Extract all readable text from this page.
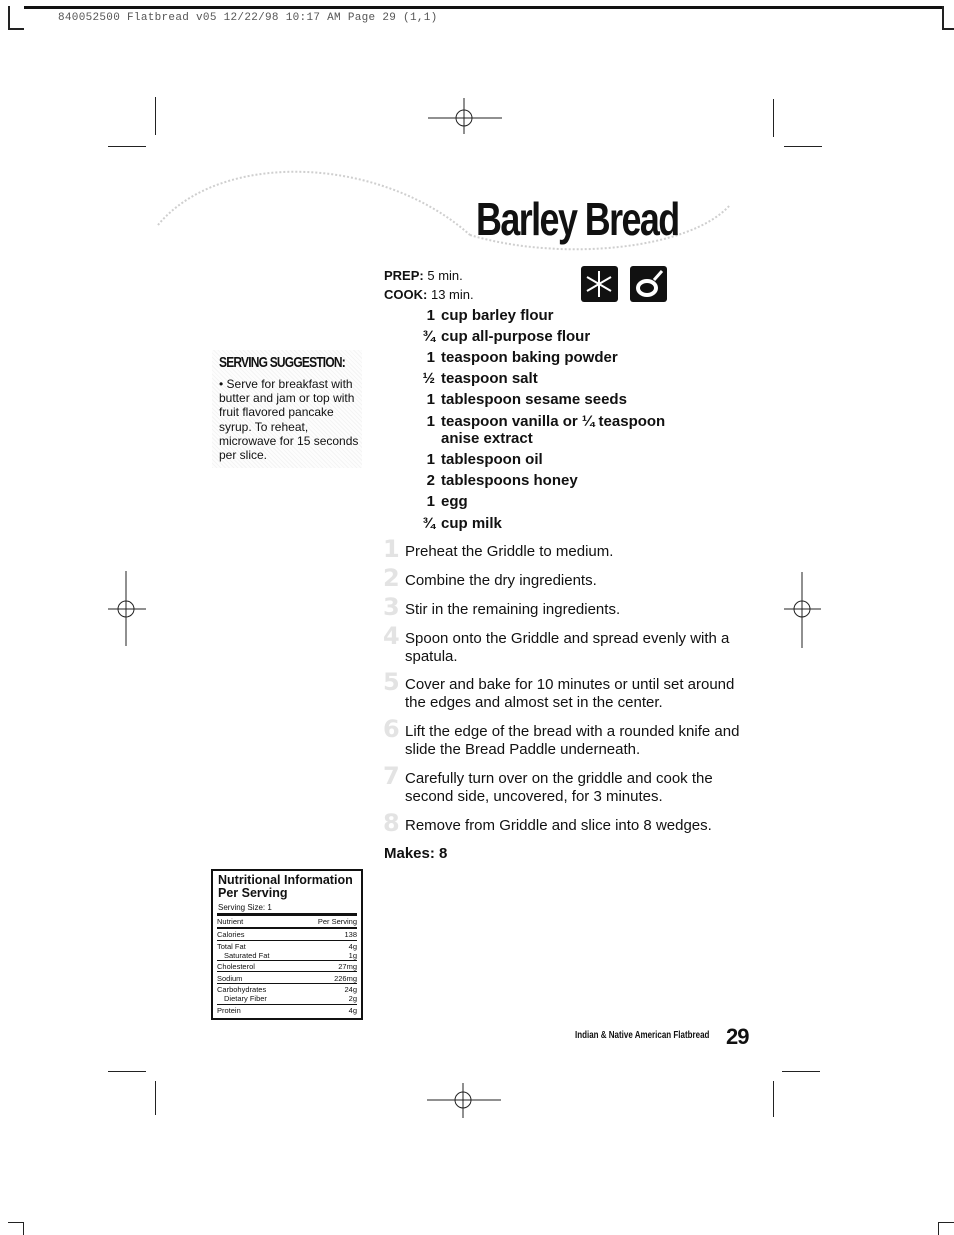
840052500 Flatbread v05 12/22/98 10:17 AM Page 29 (1,1)
Barley Bread
PREP: 5 min.
COOK: 13 min.
1 cup barley flour
¾ cup all-purpose flour
1 teaspoon baking powder
½ teaspoon salt
1 tablespoon sesame seeds
1 teaspoon vanilla or ¼ teaspoon
anise extract
1 tablespoon oil
2 tablespoons honey
1 egg
¾ cup milk
1 Preheat the Griddle to medium.
2 Combine the dry ingredients.
3 Stir in the remaining ingredients.
4 Spoon onto the Griddle and spread evenly with a spatula.
5 Cover and bake for 10 minutes or until set around the edges and almost set in the center.
6 Lift the edge of the bread with a rounded knife and slide the Bread Paddle underneath.
7 Carefully turn over on the griddle and cook the second side, uncovered, for 3 minutes.
8 Remove from Griddle and slice into 8 wedges.
Makes: 8
SERVING SUGGESTION:
• Serve for breakfast with butter and jam or top with fruit flavored pancake syrup. To reheat, microwave for 15 seconds per slice.
Nutritional Information
Per Serving
Serving Size: 1
Nutrient	Per Serving
Calories	138
Total Fat	4g
Saturated Fat	1g
Cholesterol	27mg
Sodium	226mg
Carbohydrates	24g
Dietary Fiber	2g
Protein	4g
Indian & Native American Flatbread 29
